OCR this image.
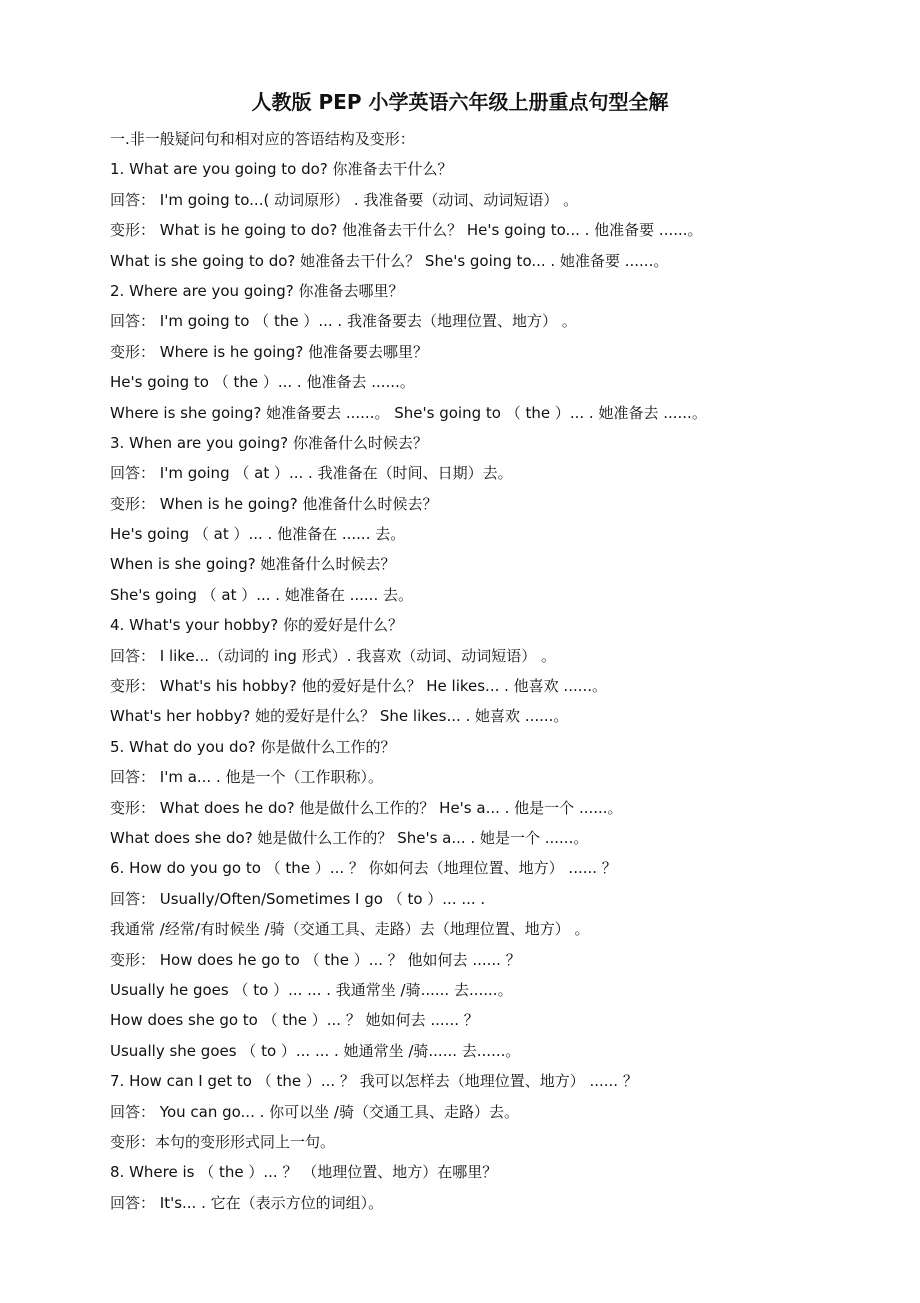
人教版 PEP 小学英语六年级上册重点句型全解
一.非一般疑问句和相对应的答语结构及变形：
1. What are you going to do? 你准备去干什么？
回答： I'm going to...( 动词原形） . 我准备要（动词、动词短语） 。
变形： What is he going to do? 他准备去干什么？ He's going to... . 他准备要 ......。
What is she going to do? 她准备去干什么？ She's going to... . 她准备要 ......。
2. Where are you going? 你准备去哪里？
回答： I'm going to （ the ）... . 我准备要去（地理位置、地方） 。
变形： Where is he going? 他准备要去哪里？
He's going to （ the ）... . 他准备去 ......。
Where is she going? 她准备要去 ......。 She's going to （ the ）... . 她准备去 ......。
3. When are you going? 你准备什么时候去？
回答： I'm going （ at ）... . 我准备在（时间、日期）去。
变形： When is he going? 他准备什么时候去？
He's going （ at ）... . 他准备在 ...... 去。
When is she going? 她准备什么时候去？
She's going （ at ）... . 她准备在 ...... 去。
4. What's your hobby? 你的爱好是什么？
回答： I like...（动词的 ing 形式）. 我喜欢（动词、动词短语） 。
变形： What's his hobby? 他的爱好是什么？ He likes... . 他喜欢 ......。
What's her hobby? 她的爱好是什么？ She likes... . 她喜欢 ......。
5. What do you do? 你是做什么工作的？
回答： I'm a... . 他是一个（工作职称）。
变形： What does he do? 他是做什么工作的？ He's a... . 他是一个 ......。
What does she do? 她是做什么工作的？ She's a... . 她是一个 ......。
6. How do you go to （ the ）... ？ 你如何去（地理位置、地方） ...... ？
回答： Usually/Often/Sometimes I go （ to ）... ... .
我通常 /经常/有时候坐 /骑（交通工具、走路）去（地理位置、地方） 。
变形： How does he go to （ the ）... ？ 他如何去 ...... ？
Usually he goes （ to ）... ... . 我通常坐 /骑...... 去......。
How does she go to （ the ）... ？ 她如何去 ...... ？
Usually she goes （ to ）... ... . 她通常坐 /骑...... 去......。
7. How can I get to （ the ）... ？ 我可以怎样去（地理位置、地方） ...... ？
回答： You can go... . 你可以坐 /骑（交通工具、走路）去。
变形：本句的变形形式同上一句。
8. Where is （ the ）... ？ （地理位置、地方）在哪里？
回答： It's... . 它在（表示方位的词组）。
